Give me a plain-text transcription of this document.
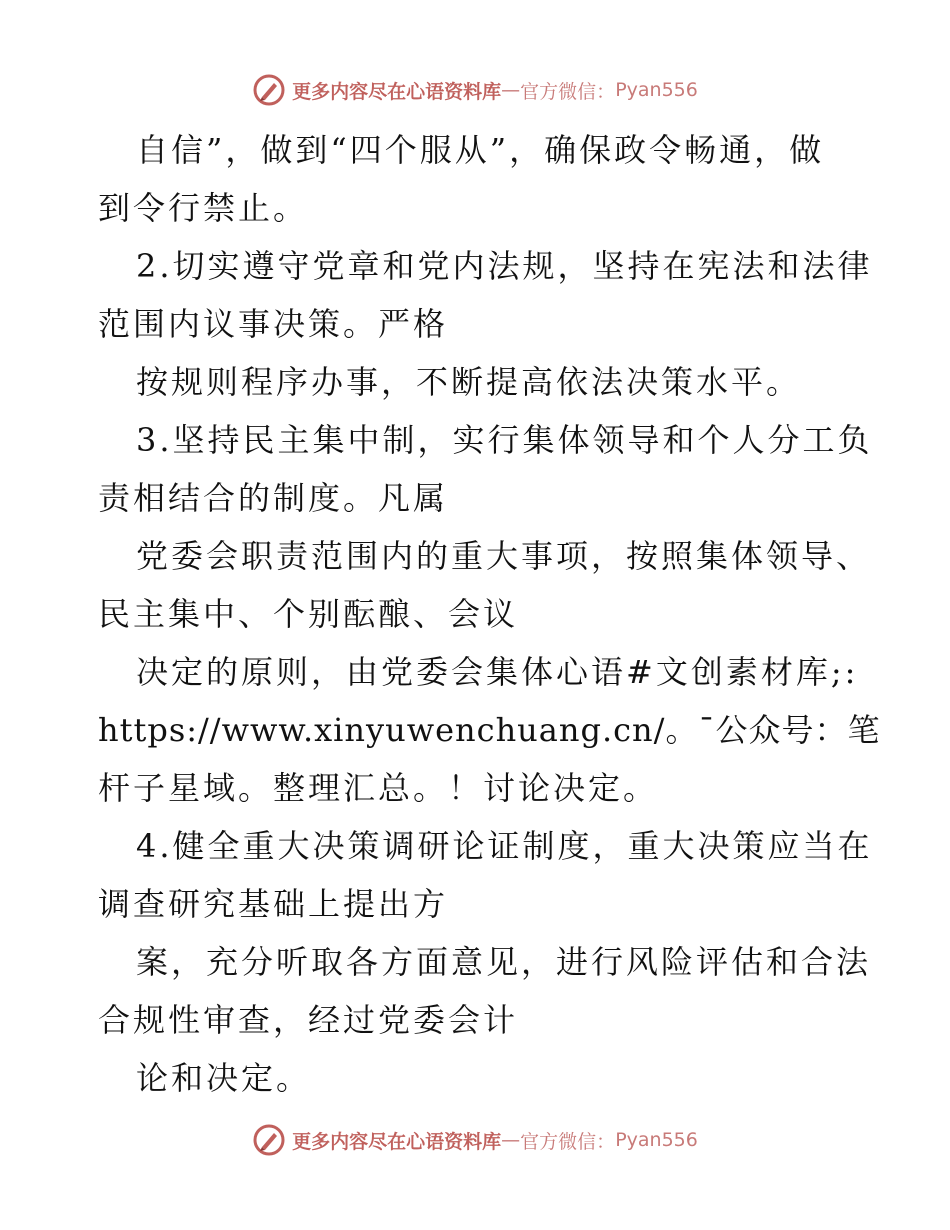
更多内容尽在心语资料库 — 官方微信： Pyan556
自信”，做到“四个服从”，确保政令畅通，做
到令行禁止。
2.切实遵守党章和党内法规，坚持在宪法和法律
范围内议事决策。严格
按规则程序办事，不断提高依法决策水平。
3.坚持民主集中制，实行集体领导和个人分工负
责相结合的制度。凡属
党委会职责范围内的重大事项，按照集体领导、
民主集中、个别酝酿、会议
决定的原则，由党委会集体心语#文创素材库;:
https://www.xinyuwenchuang.cn/。¯公众号：笔
杆子星域。整理汇总。！讨论决定。
4.健全重大决策调研论证制度，重大决策应当在
调查研究基础上提出方
案，充分听取各方面意见，进行风险评估和合法
合规性审查，经过党委会计
论和决定。
更多内容尽在心语资料库 — 官方微信： Pyan556
